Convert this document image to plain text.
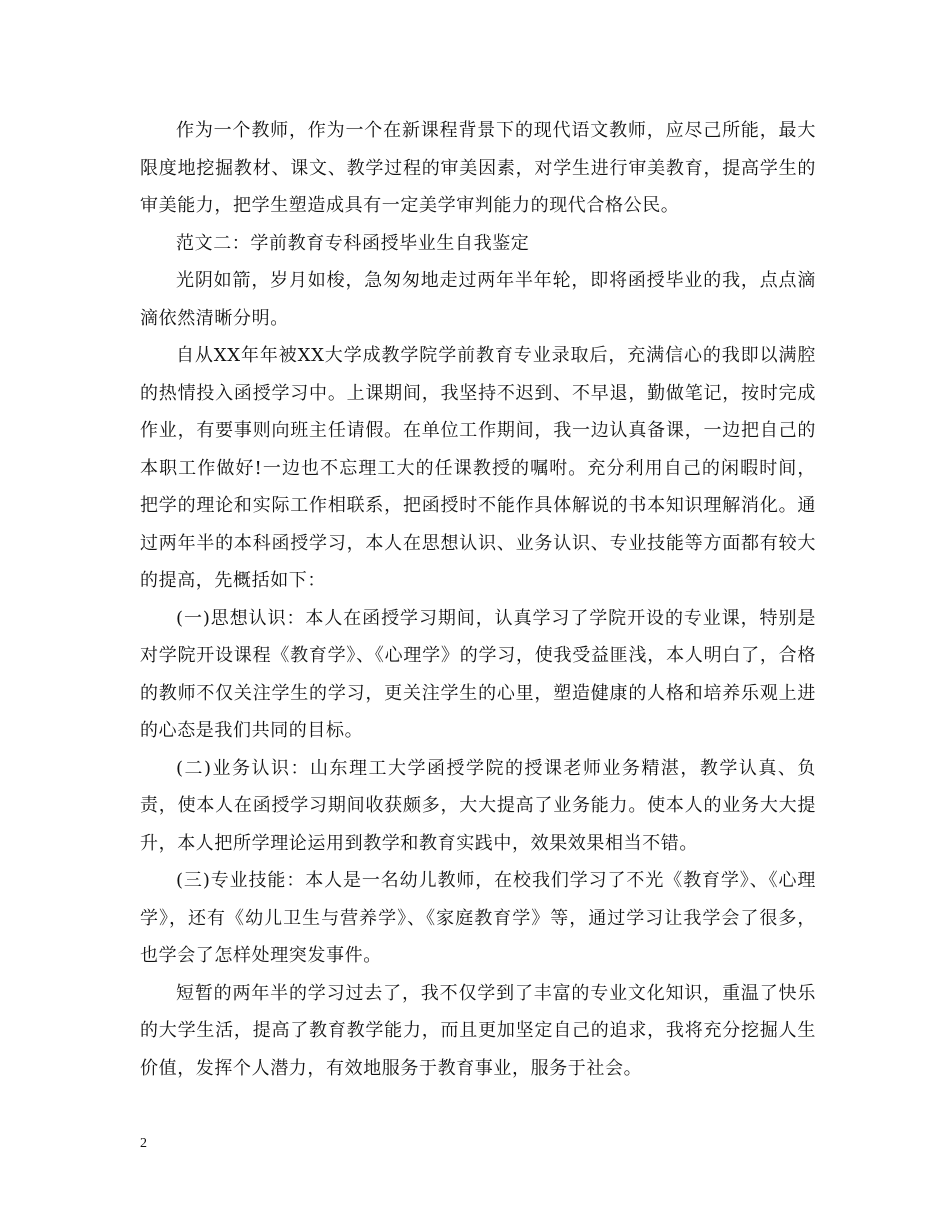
作为一个教师，作为一个在新课程背景下的现代语文教师，应尽己所能，最大限度地挖掘教材、课文、教学过程的审美因素，对学生进行审美教育，提高学生的审美能力，把学生塑造成具有一定美学审判能力的现代合格公民。

范文二：学前教育专科函授毕业生自我鉴定

光阴如箭，岁月如梭，急匆匆地走过两年半年轮，即将函授毕业的我，点点滴滴依然清晰分明。

自从XX年年被XX大学成教学院学前教育专业录取后，充满信心的我即以满腔的热情投入函授学习中。上课期间，我坚持不迟到、不早退，勤做笔记，按时完成作业，有要事则向班主任请假。在单位工作期间，我一边认真备课，一边把自己的本职工作做好!一边也不忘理工大的任课教授的嘱咐。充分利用自己的闲暇时间，把学的理论和实际工作相联系，把函授时不能作具体解说的书本知识理解消化。通过两年半的本科函授学习，本人在思想认识、业务认识、专业技能等方面都有较大的提高，先概括如下：

(一)思想认识：本人在函授学习期间，认真学习了学院开设的专业课，特别是对学院开设课程《教育学》、《心理学》的学习，使我受益匪浅，本人明白了，合格的教师不仅关注学生的学习，更关注学生的心里，塑造健康的人格和培养乐观上进的心态是我们共同的目标。

(二)业务认识：山东理工大学函授学院的授课老师业务精湛，教学认真、负责，使本人在函授学习期间收获颇多，大大提高了业务能力。使本人的业务大大提升，本人把所学理论运用到教学和教育实践中，效果效果相当不错。

(三)专业技能：本人是一名幼儿教师，在校我们学习了不光《教育学》、《心理学》，还有《幼儿卫生与营养学》、《家庭教育学》等，通过学习让我学会了很多，也学会了怎样处理突发事件。

短暂的两年半的学习过去了，我不仅学到了丰富的专业文化知识，重温了快乐的大学生活，提高了教育教学能力，而且更加坚定自己的追求，我将充分挖掘人生价值，发挥个人潜力，有效地服务于教育事业，服务于社会。

2
